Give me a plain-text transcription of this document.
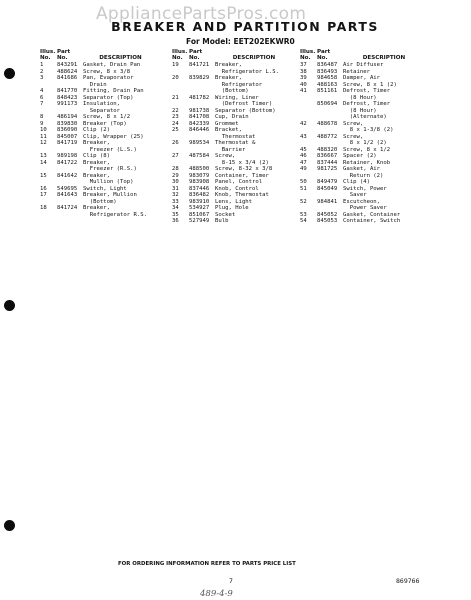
AppliancePartsPros.com
BREAKER AND PARTITION PARTS
For Model: EET202EKWR0
Illus.
No.
Part
No.
	DESCRIPTION
1	843291	Gasket, Drain Pan
2	488624	Screw, 8 x 3/8
3	841686	Pan, Evaporator
Drain
4	841770	Fitting, Drain Pan
6	848423	Separator (Top)
7	991173	Insulation,
Separator
8	486194	Screw, 8 x 1/2
9	839830	Breaker (Top)
10	836090	Clip (2)
11	845007	Clip, Wrapper (25)
12	841719	Breaker,
Freezer (L.S.)
13	989198	Clip (8)
14	841722	Breaker,
Freezer (R.S.)
15	841642	Breaker,
Mullion (Top)
16	549695	Switch, Light
17	841643	Breaker, Mullion
(Bottom)
18	841724	Breaker,
Refrigerator R.S.
Illus.
No.
Part
No.
	DESCRIPTION
19	841721	Breaker,
Refrigerator L.S.
20	839829	Breaker,
Refrigerator
(Bottom)
21	481782	Wiring, Liner
(Defrost Timer)
22	981738	Separator (Bottom)
23	841708	Cup, Drain
24	842339	Grommet
25	846446	Bracket,
Thermostat
26	989534	Thermostat &
Barrier
27	487584	Screw,
8-15 x 3/4 (2)
28	488500	Screw, 8-32 x 3/8
29	983079	Container, Timer
30	983908	Panel, Control
31	837446	Knob, Control
32	836482	Knob, Thermostat
33	983910	Lens, Light
34	534927	Plug, Hole
35	851067	Socket
36	527949	Bulb
Illus.
No.
Part
No.
	DESCRIPTION
37	836487	Air Diffuser
38	836493	Retainer
39	984658	Damper, Air
40	488163	Screw, 8 x 1 (2)
41	851161	Defrost, Timer
(8 Hour)
850694	Defrost, Timer
(8 Hour)
(Alternate)
42	488678	Screw,
8 x 1-3/8 (2)
43	488772	Screw,
8 x 1/2 (2)
45	488320	Screw, 8 x 1/2
46	836667	Spacer (2)
47	837444	Retainer, Knob
49	981725	Gasket, Air
Return (2)
50	849479	Clip (4)
51	845049	Switch, Power
Saver
52	984841	Escutcheon,
Power Saver
53	845052	Gasket, Container
54	845053	Container, Switch
FOR ORDERING INFORMATION REFER TO PARTS PRICE LIST
7	869766
489-4-9
